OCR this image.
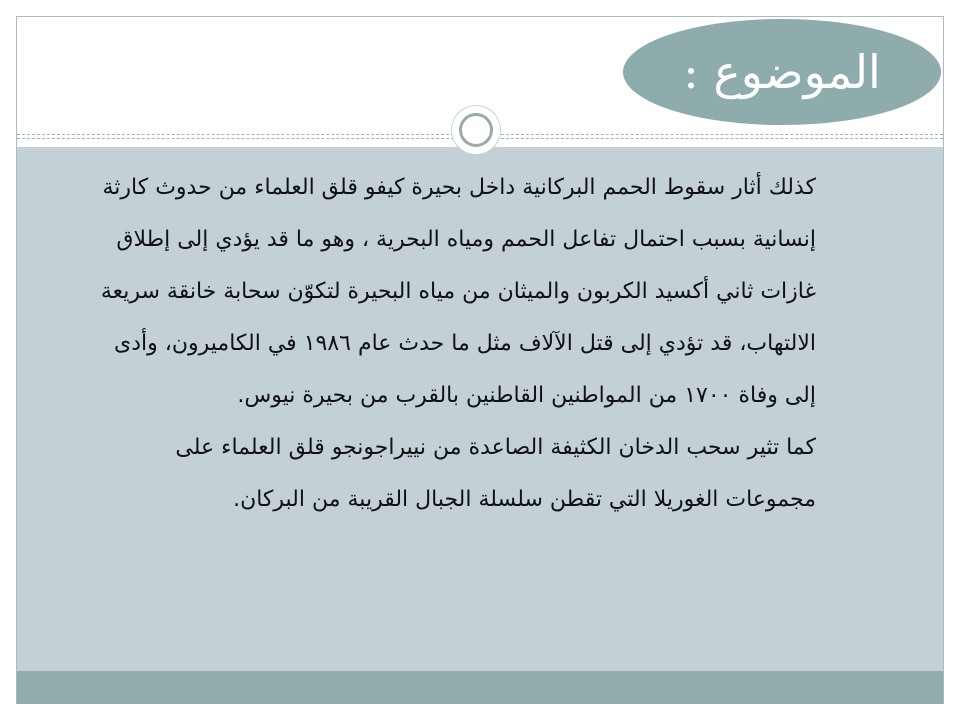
الموضوع :

كذلك أثار سقوط الحمم البركانية داخل بحيرة كيفو قلق العلماء من حدوث كارثة إنسانية بسبب احتمال تفاعل الحمم ومياه البحرية ، وهو ما قد يؤدي إلى إطلاق غازات ثاني أكسيد الكربون والميثان من مياه البحيرة لتكوّن سحابة خانقة سريعة الالتهاب، قد تؤدي إلى قتل الآلاف مثل ما حدث عام ١٩٨٦ في الكاميرون، وأدى إلى وفاة ١٧٠٠ من المواطنين القاطنين بالقرب من بحيرة نيوس.

كما تثير سحب الدخان الكثيفة الصاعدة من نييراجونجو قلق العلماء على مجموعات الغوريلا التي تقطن سلسلة الجبال القريبة من البركان.
